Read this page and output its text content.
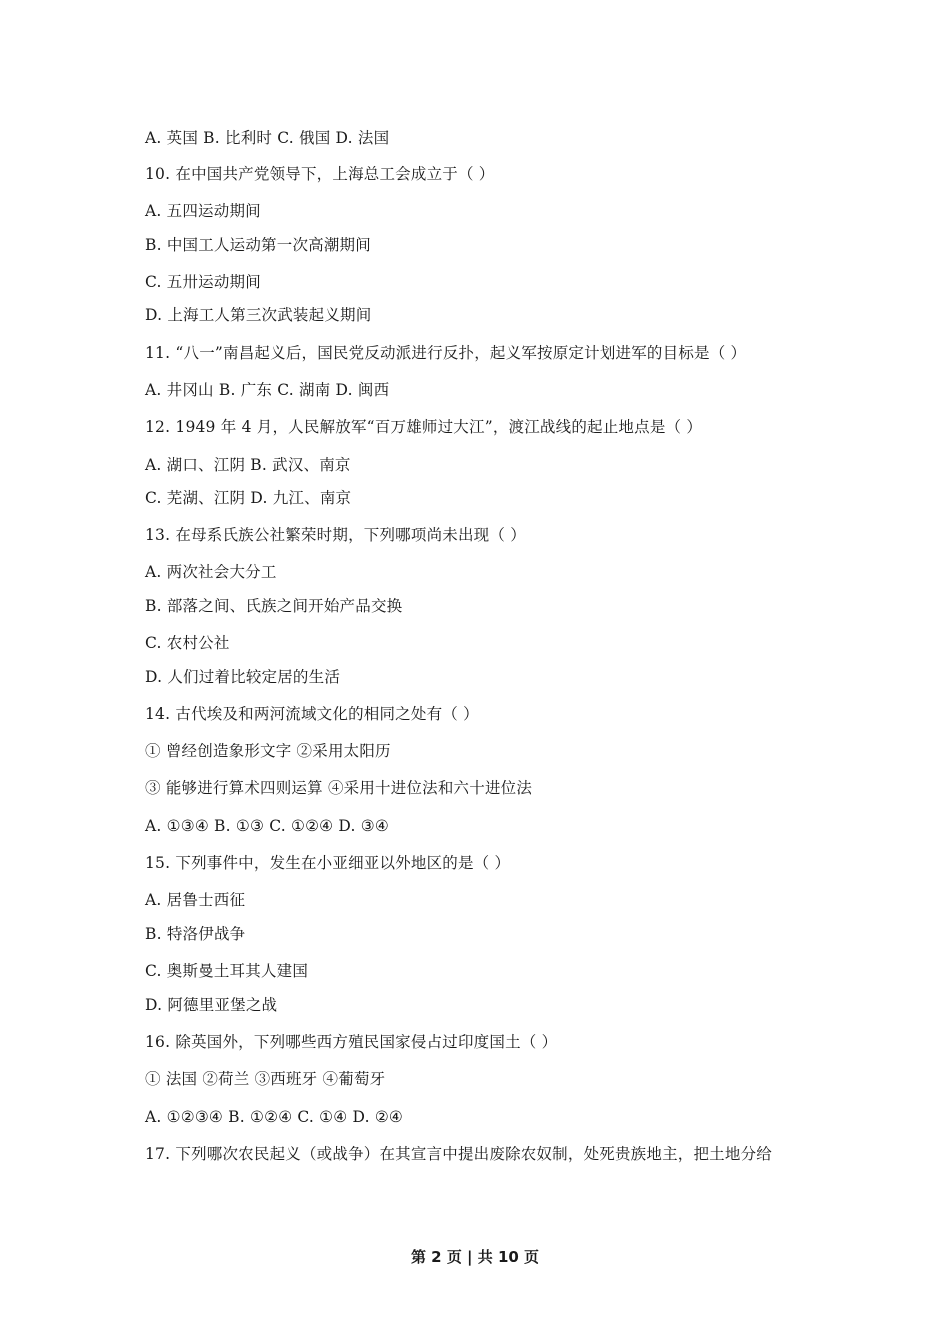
A. 英国 B. 比利时 C. 俄国 D. 法国
10. 在中国共产党领导下，上海总工会成立于（ ）
A. 五四运动期间
B. 中国工人运动第一次高潮期间
C. 五卅运动期间
D. 上海工人第三次武装起义期间
11. “八一”南昌起义后，国民党反动派进行反扑，起义军按原定计划进军的目标是（ ）
A. 井冈山 B. 广东 C. 湖南 D. 闽西
12. 1949 年 4 月，人民解放军“百万雄师过大江”，渡江战线的起止地点是（ ）
A. 湖口、江阴 B. 武汉、南京
C. 芜湖、江阴 D. 九江、南京
13. 在母系氏族公社繁荣时期，下列哪项尚未出现（ ）
A. 两次社会大分工
B. 部落之间、氏族之间开始产品交换
C. 农村公社
D. 人们过着比较定居的生活
14. 古代埃及和两河流域文化的相同之处有（ ）
① 曾经创造象形文字 ②采用太阳历
③ 能够进行算术四则运算 ④采用十进位法和六十进位法
A. ①③④ B. ①③ C. ①②④ D. ③④
15. 下列事件中，发生在小亚细亚以外地区的是（ ）
A. 居鲁士西征
B. 特洛伊战争
C. 奥斯曼土耳其人建国
D. 阿德里亚堡之战
16. 除英国外，下列哪些西方殖民国家侵占过印度国土（ ）
① 法国 ②荷兰 ③西班牙 ④葡萄牙
A. ①②③④ B. ①②④ C. ①④ D. ②④
17. 下列哪次农民起义（或战争）在其宣言中提出废除农奴制，处死贵族地主，把土地分给
第 2 页 | 共 10 页
